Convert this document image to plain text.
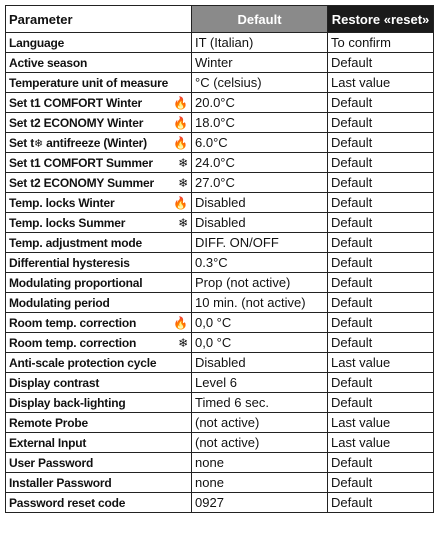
Parameter	Default	Restore «reset»

Language	IT (Italian)	To confirm

Active season	Winter	Default

Temperature unit of measure	°C (celsius)	Last value

Set t1 COMFORT Winter 🔥	20.0°C	Default

Set t2 ECONOMY Winter 🔥	18.0°C	Default

Set t❄ antifreeze (Winter) 🔥	6.0°C	Default

Set t1 COMFORT Summer ❄	24.0°C	Default

Set t2 ECONOMY Summer ❄	27.0°C	Default

Temp. locks Winter 🔥	Disabled	Default

Temp. locks Summer ❄	Disabled	Default

Temp. adjustment mode	DIFF. ON/OFF	Default

Differential hysteresis	0.3°C	Default

Modulating proportional	Prop (not active)	Default

Modulating period	10 min. (not active)	Default

Room temp. correction 🔥	0,0 °C	Default

Room temp. correction ❄	0,0 °C	Default

Anti-scale protection cycle	Disabled	Last value

Display contrast	Level 6	Default

Display back-lighting	Timed 6 sec.	Default

Remote Probe	(not active)	Last value

External Input	(not active)	Last value

User Password	none	Default

Installer Password	none	Default

Password reset code	0927	Default
